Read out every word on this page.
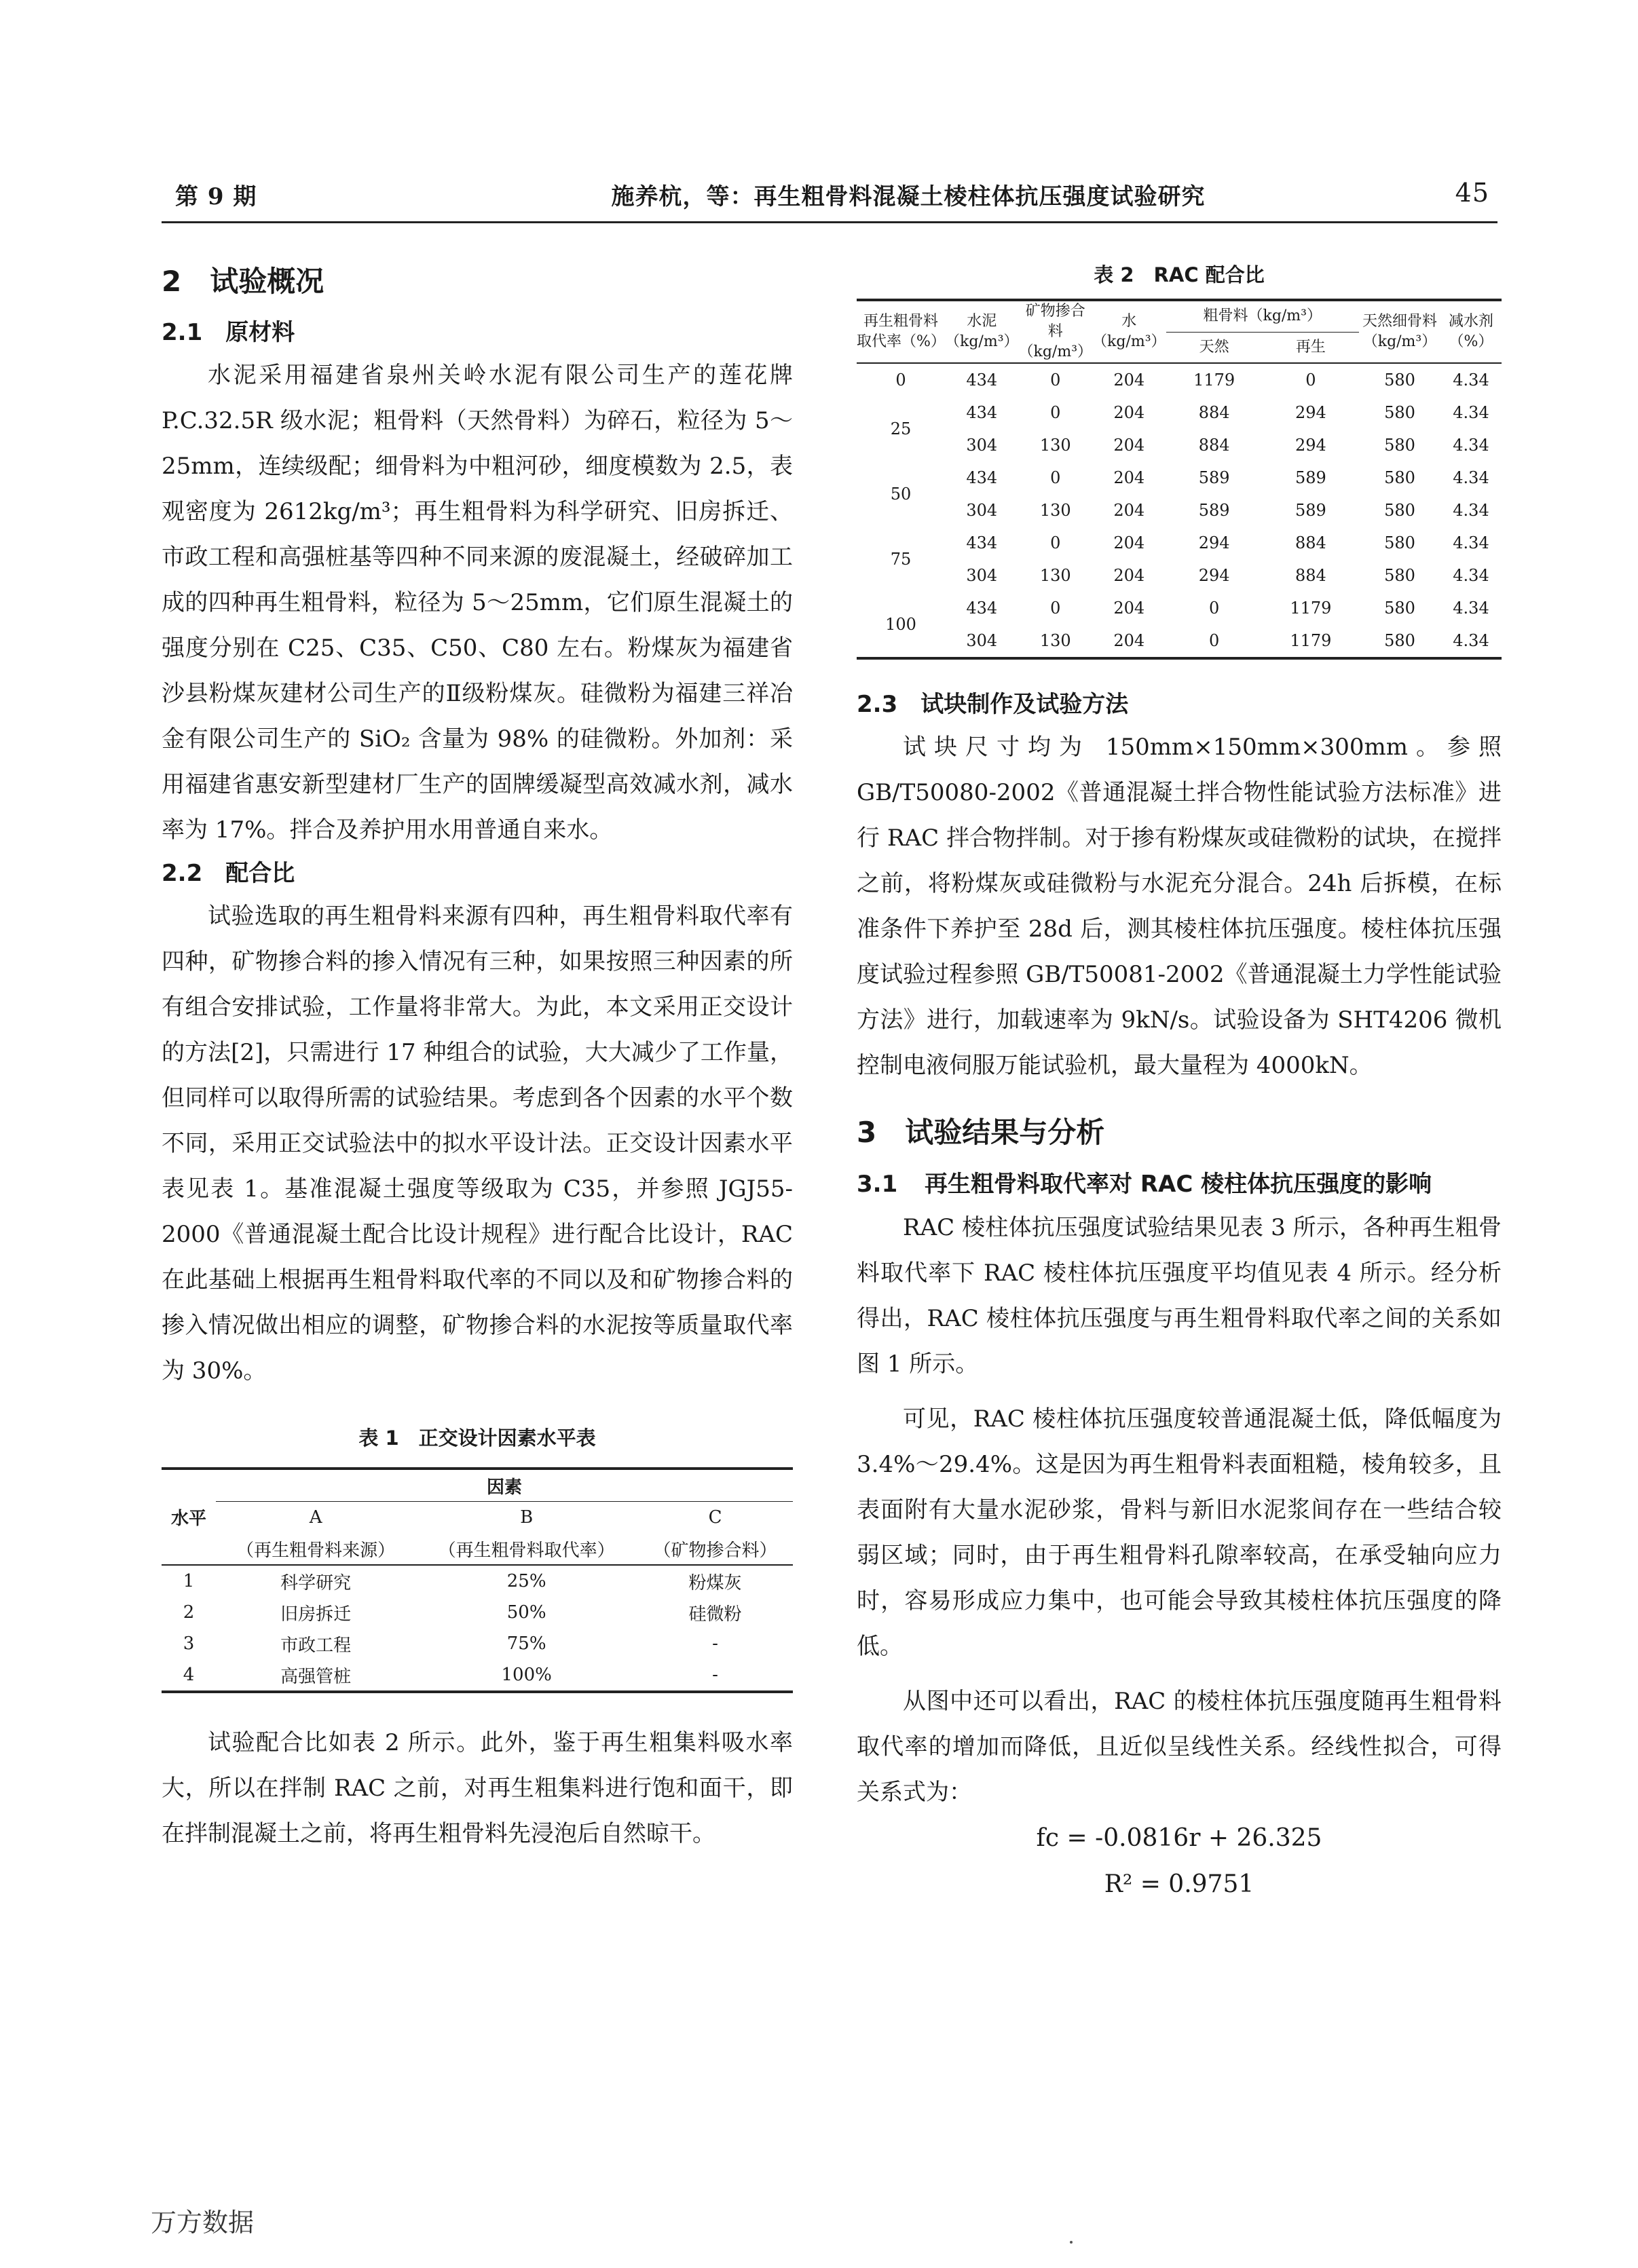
第 9 期	施养杭，等：再生粗骨料混凝土棱柱体抗压强度试验研究	45

2　试验概况

2.1　原材料

水泥采用福建省泉州关岭水泥有限公司生产的莲花牌 P.C.32.5R 级水泥；粗骨料（天然骨料）为碎石，粒径为 5～25mm，连续级配；细骨料为中粗河砂，细度模数为 2.5，表观密度为 2612kg/m³；再生粗骨料为科学研究、旧房拆迁、市政工程和高强桩基等四种不同来源的废混凝土，经破碎加工成的四种再生粗骨料，粒径为 5～25mm，它们原生混凝土的强度分别在 C25、C35、C50、C80 左右。粉煤灰为福建省沙县粉煤灰建材公司生产的Ⅱ级粉煤灰。硅微粉为福建三祥冶金有限公司生产的 SiO₂ 含量为 98% 的硅微粉。外加剂：采用福建省惠安新型建材厂生产的固牌缓凝型高效减水剂，减水率为 17%。拌合及养护用水用普通自来水。

2.2　配合比

试验选取的再生粗骨料来源有四种，再生粗骨料取代率有四种，矿物掺合料的掺入情况有三种，如果按照三种因素的所有组合安排试验，工作量将非常大。为此，本文采用正交设计的方法[2]，只需进行 17 种组合的试验，大大减少了工作量，但同样可以取得所需的试验结果。考虑到各个因素的水平个数不同，采用正交试验法中的拟水平设计法。正交设计因素水平表见表 1。基准混凝土强度等级取为 C35，并参照 JGJ55-2000《普通混凝土配合比设计规程》进行配合比设计，RAC 在此基础上根据再生粗骨料取代率的不同以及和矿物掺合料的掺入情况做出相应的调整，矿物掺合料的水泥按等质量取代率为 30%。

表 1　正交设计因素水平表

水平	因素		
	A	B	C
	（再生粗骨料来源）	（再生粗骨料取代率）	（矿物掺合料）
1	科学研究	25%	粉煤灰
2	旧房拆迁	50%	硅微粉
3	市政工程	75%	-
4	高强管桩	100%	-

试验配合比如表 2 所示。此外，鉴于再生粗集料吸水率大，所以在拌制 RAC 之前，对再生粗集料进行饱和面干，即在拌制混凝土之前，将再生粗骨料先浸泡后自然晾干。

表 2　RAC 配合比

再生粗骨料取代率（%）	水泥（kg/m³）	矿物掺合料（kg/m³）	水（kg/m³）	粗骨料（kg/m³）		天然细骨料（kg/m³）	减水剂（%）
				天然	再生		
0	434	0	204	1179	0	580	4.34
25	434	0	204	884	294	580	4.34
	304	130	204	884	294	580	4.34
50	434	0	204	589	589	580	4.34
	304	130	204	589	589	580	4.34
75	434	0	204	294	884	580	4.34
	304	130	204	294	884	580	4.34
100	434	0	204	0	1179	580	4.34
	304	130	204	0	1179	580	4.34

2.3　试块制作及试验方法

试块尺寸均为 150mm×150mm×300mm。参照 GB/T50080-2002《普通混凝土拌合物性能试验方法标准》进行 RAC 拌合物拌制。对于掺有粉煤灰或硅微粉的试块，在搅拌之前，将粉煤灰或硅微粉与水泥充分混合。24h 后拆模，在标准条件下养护至 28d 后，测其棱柱体抗压强度。棱柱体抗压强度试验过程参照 GB/T50081-2002《普通混凝土力学性能试验方法》进行，加载速率为 9kN/s。试验设备为 SHT4206 微机控制电液伺服万能试验机，最大量程为 4000kN。

3　试验结果与分析

3.1	再生粗骨料取代率对 RAC 棱柱体抗压强度的影响

RAC 棱柱体抗压强度试验结果见表 3 所示，各种再生粗骨料取代率下 RAC 棱柱体抗压强度平均值见表 4 所示。经分析得出，RAC 棱柱体抗压强度与再生粗骨料取代率之间的关系如图 1 所示。

可见，RAC 棱柱体抗压强度较普通混凝土低，降低幅度为 3.4%～29.4%。这是因为再生粗骨料表面粗糙，棱角较多，且表面附有大量水泥砂浆，骨料与新旧水泥浆间存在一些结合较弱区域；同时，由于再生粗骨料孔隙率较高，在承受轴向应力时，容易形成应力集中，也可能会导致其棱柱体抗压强度的降低。

从图中还可以看出，RAC 的棱柱体抗压强度随再生粗骨料取代率的增加而降低，且近似呈线性关系。经线性拟合，可得关系式为：

fc = -0.0816r + 26.325

R² = 0.9751

万方数据
